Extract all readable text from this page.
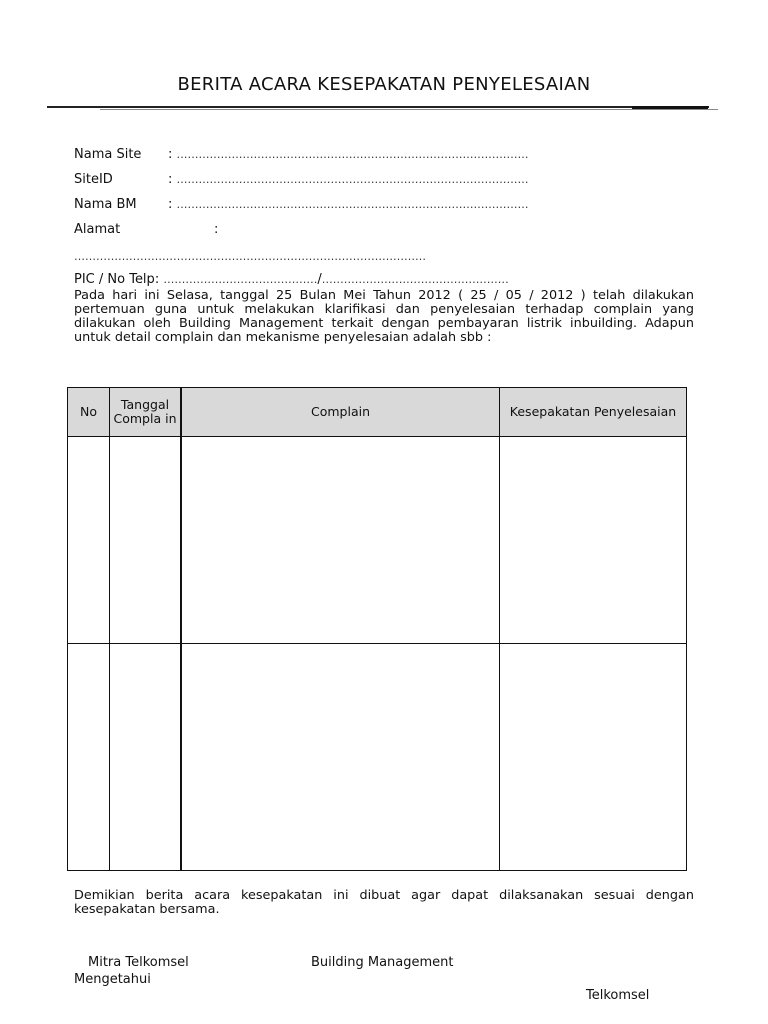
BERITA ACARA KESEPAKATAN PENYELESAIAN
Nama Site : ……………………………………………………………………………………
SiteID	: ……………………………………………………………………………………
Nama BM : ……………………………………………………………………………………
Alamat	:
……………………………………………………………………………………
PIC / No Telp: ……………………………………/……………………………………………
Pada hari ini Selasa, tanggal 25 Bulan Mei Tahun 2012 ( 25 / 05 / 2012 ) telah dilakukan pertemuan guna untuk melakukan klarifikasi dan penyelesaian terhadap complain yang dilakukan oleh Building Management terkait dengan pembayaran listrik inbuilding. Adapun untuk detail complain dan mekanisme penyelesaian adalah sbb :
No	Tanggal Compla in	Complain	Kesepakatan Penyelesaian

Demikian berita acara kesepakatan ini dibuat agar dapat dilaksanakan sesuai dengan kesepakatan bersama.
Mitra Telkomsel	Building Management
Mengetahui
Telkomsel
